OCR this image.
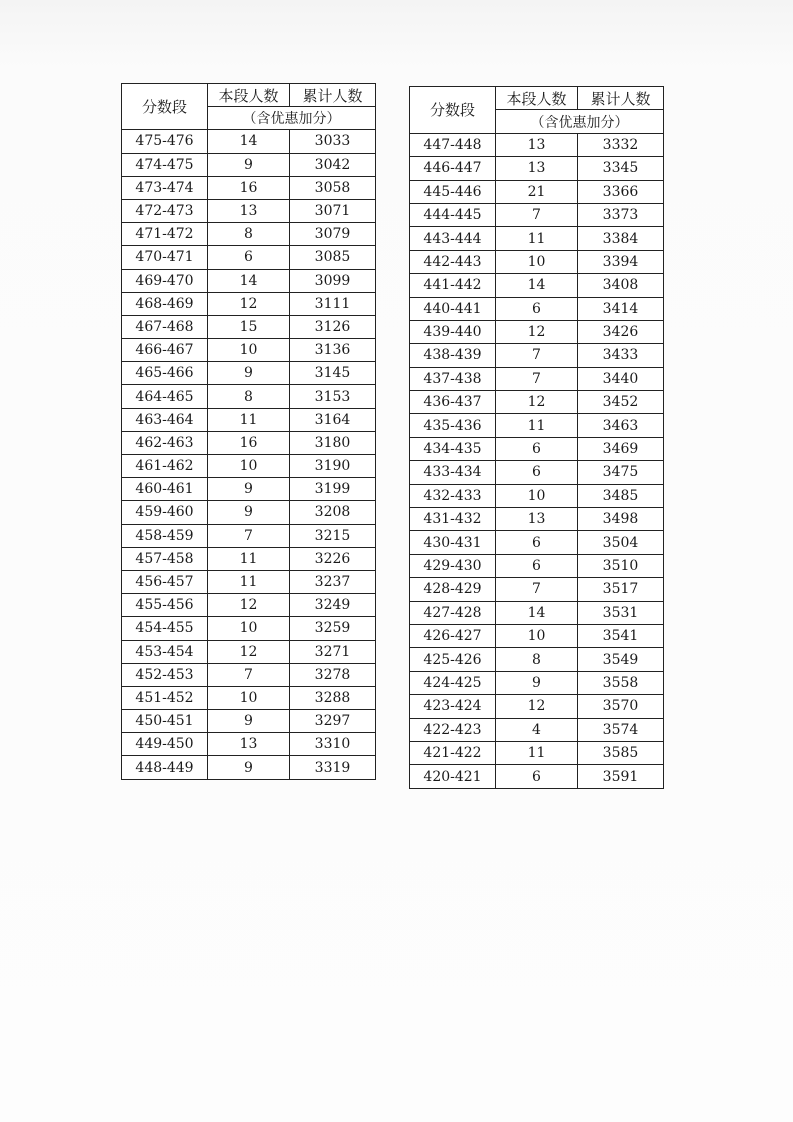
分数段	本段人数	累计人数
	（含优惠加分）	
475-476	14	3033
474-475	9	3042
473-474	16	3058
472-473	13	3071
471-472	8	3079
470-471	6	3085
469-470	14	3099
468-469	12	3111
467-468	15	3126
466-467	10	3136
465-466	9	3145
464-465	8	3153
463-464	11	3164
462-463	16	3180
461-462	10	3190
460-461	9	3199
459-460	9	3208
458-459	7	3215
457-458	11	3226
456-457	11	3237
455-456	12	3249
454-455	10	3259
453-454	12	3271
452-453	7	3278
451-452	10	3288
450-451	9	3297
449-450	13	3310
448-449	9	3319
分数段	本段人数	累计人数
	（含优惠加分）	
447-448	13	3332
446-447	13	3345
445-446	21	3366
444-445	7	3373
443-444	11	3384
442-443	10	3394
441-442	14	3408
440-441	6	3414
439-440	12	3426
438-439	7	3433
437-438	7	3440
436-437	12	3452
435-436	11	3463
434-435	6	3469
433-434	6	3475
432-433	10	3485
431-432	13	3498
430-431	6	3504
429-430	6	3510
428-429	7	3517
427-428	14	3531
426-427	10	3541
425-426	8	3549
424-425	9	3558
423-424	12	3570
422-423	4	3574
421-422	11	3585
420-421	6	3591
